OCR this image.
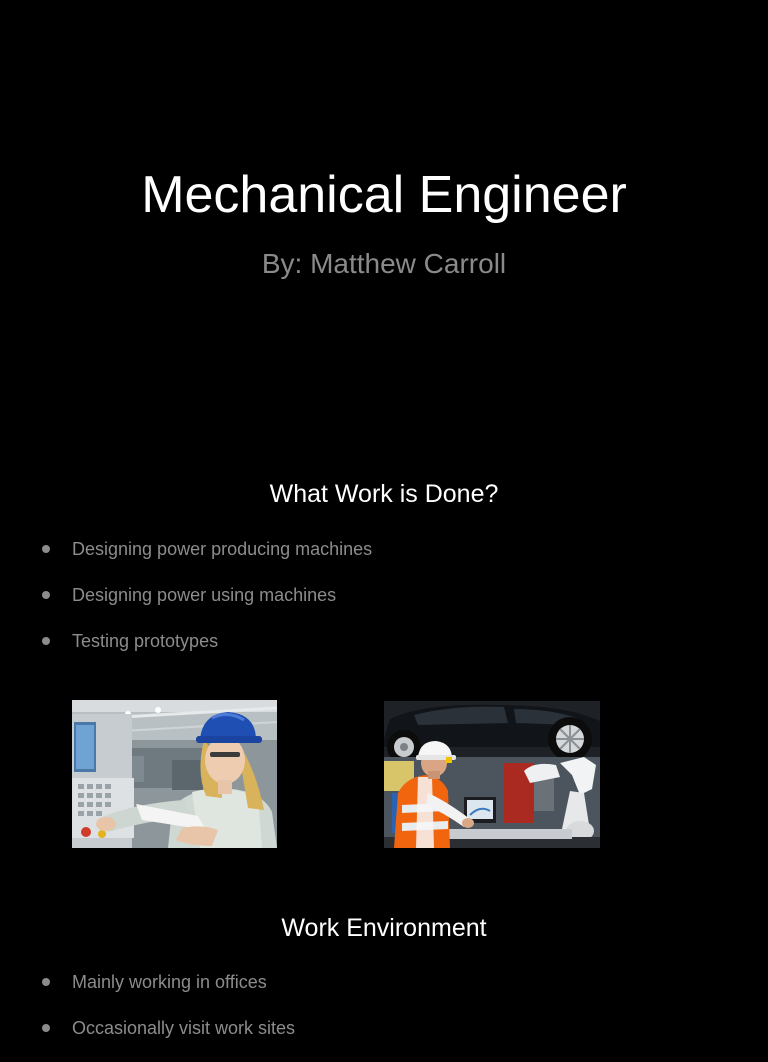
Mechanical Engineer
By: Matthew Carroll
What Work is Done?
Designing power producing machines
Designing power using machines
Testing prototypes
Work Environment
Mainly working in offices
Occasionally visit work sites
